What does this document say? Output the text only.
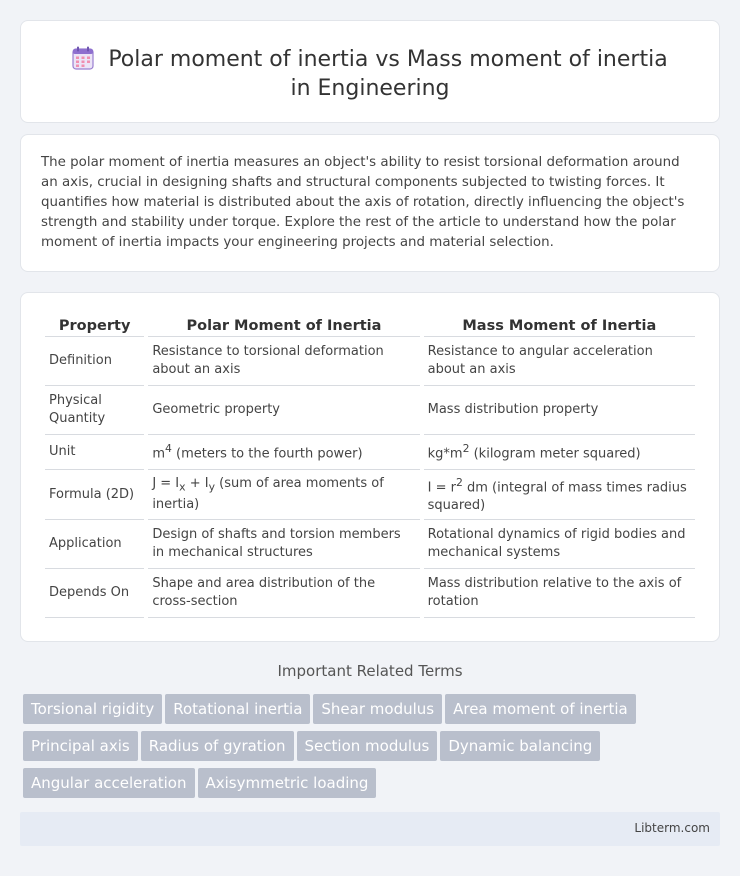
Polar moment of inertia vs Mass moment of inertia in Engineering

The polar moment of inertia measures an object's ability to resist torsional deformation around an axis, crucial in designing shafts and structural components subjected to twisting forces. It quantifies how material is distributed about the axis of rotation, directly influencing the object's strength and stability under torque. Explore the rest of the article to understand how the polar moment of inertia impacts your engineering projects and material selection.

Property	Polar Moment of Inertia	Mass Moment of Inertia
Definition	Resistance to torsional deformation about an axis	Resistance to angular acceleration about an axis
Physical Quantity	Geometric property	Mass distribution property
Unit	$m^4$ (meters to the fourth power)	$kg*m^2$ (kilogram meter squared)
Formula (2D)	$J = I_x + I_y$ (sum of area moments of inertia)	$I = r^2$ dm (integral of mass times radius squared)
Application	Design of shafts and torsion members in mechanical structures	Rotational dynamics of rigid bodies and mechanical systems
Depends On	Shape and area distribution of the cross-section	Mass distribution relative to the axis of rotation
Important Related Terms
Torsional rigidity Rotational inertia Shear modulus Area moment of inertia
Principal axis Radius of gyration Section modulus Dynamic balancing
Angular acceleration Axisymmetric loading
Libterm.com
